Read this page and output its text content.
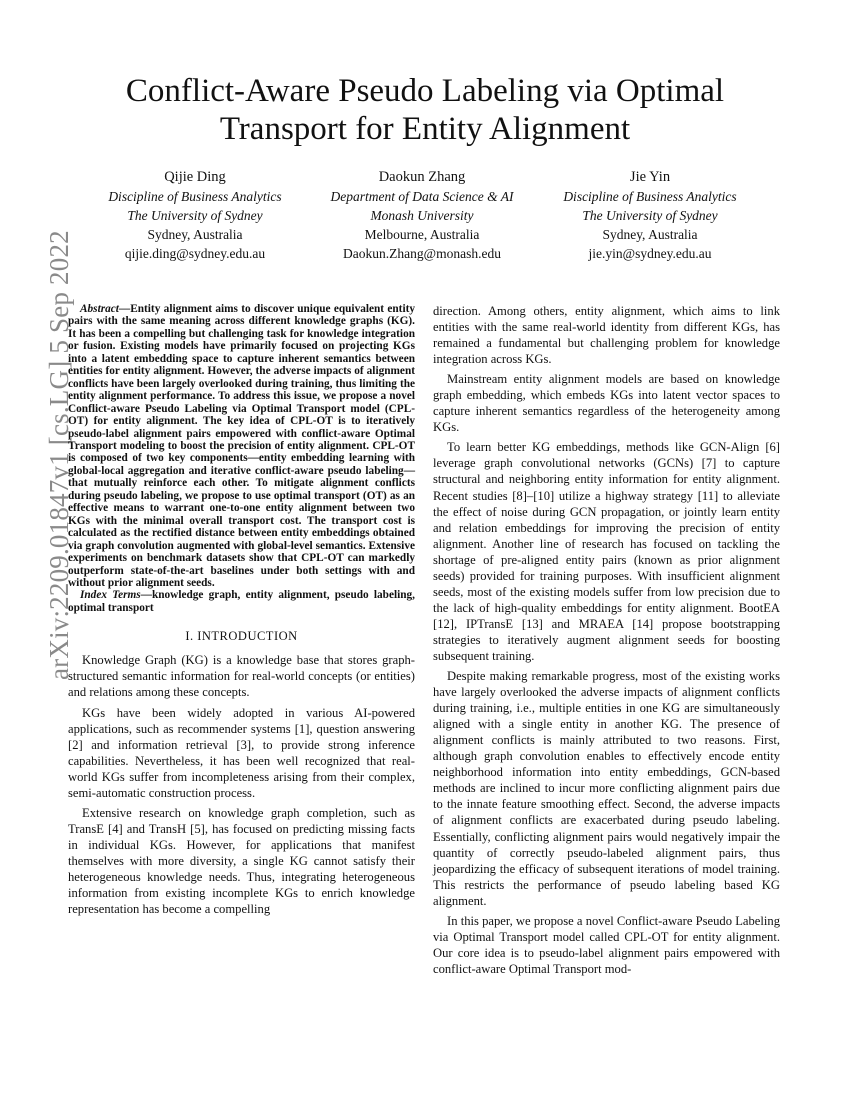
Conflict-Aware Pseudo Labeling via Optimal Transport for Entity Alignment
Qijie Ding
Discipline of Business Analytics
The University of Sydney
Sydney, Australia
qijie.ding@sydney.edu.au
Daokun Zhang
Department of Data Science & AI
Monash University
Melbourne, Australia
Daokun.Zhang@monash.edu
Jie Yin
Discipline of Business Analytics
The University of Sydney
Sydney, Australia
jie.yin@sydney.edu.au
arXiv:2209.01847v1 [cs.LG] 5 Sep 2022 Abstract—Entity alignment aims to discover unique equivalent entity pairs with the same meaning across different knowledge graphs (KG). It has been a compelling but challenging task for knowledge integration or fusion. Existing models have primarily focused on projecting KGs into a latent embedding space to capture inherent semantics between entities for entity alignment. However, the adverse impacts of alignment conflicts have been largely overlooked during training, thus limiting the entity alignment performance. To address this issue, we propose a novel Conflict-aware Pseudo Labeling via Optimal Transport model (CPL-OT) for entity alignment. The key idea of CPL-OT is to iteratively pseudo-label alignment pairs empowered with conflict-aware Optimal Transport modeling to boost the precision of entity alignment. CPL-OT is composed of two key components—entity embedding learning with global-local aggregation and iterative conflict-aware pseudo labeling—that mutually reinforce each other. To mitigate alignment conflicts during pseudo labeling, we propose to use optimal transport (OT) as an effective means to warrant one-to-one entity alignment between two KGs with the minimal overall transport cost. The transport cost is calculated as the rectified distance between entity embeddings obtained via graph convolution augmented with global-level semantics. Extensive experiments on benchmark datasets show that CPL-OT can markedly outperform state-of-the-art baselines under both settings with and without prior alignment seeds.

Index Terms—knowledge graph, entity alignment, pseudo labeling, optimal transport

I. INTRODUCTION

Knowledge Graph (KG) is a knowledge base that stores graph-structured semantic information for real-world concepts (or entities) and relations among these concepts.

KGs have been widely adopted in various AI-powered applications, such as recommender systems [1], question answering [2] and information retrieval [3], to provide strong inference capabilities. Nevertheless, it has been well recognized that real-world KGs suffer from incompleteness arising from their complex, semi-automatic construction process.

Extensive research on knowledge graph completion, such as TransE [4] and TransH [5], has focused on predicting missing facts in individual KGs. However, for applications that manifest themselves with more diversity, a single KG cannot satisfy their heterogeneous knowledge needs. Thus, integrating heterogeneous information from existing incomplete KGs to enrich knowledge representation has become a compelling

direction. Among others, entity alignment, which aims to link entities with the same real-world identity from different KGs, has remained a fundamental but challenging problem for knowledge integration across KGs.

Mainstream entity alignment models are based on knowledge graph embedding, which embeds KGs into latent vector spaces to capture inherent semantics regardless of the heterogeneity among KGs.

To learn better KG embeddings, methods like GCN-Align [6] leverage graph convolutional networks (GCNs) [7] to capture structural and neighboring entity information for entity alignment. Recent studies [8]–[10] utilize a highway strategy [11] to alleviate the effect of noise during GCN propagation, or jointly learn entity and relation embeddings for improving the precision of entity alignment. Another line of research has focused on tackling the shortage of pre-aligned entity pairs (known as prior alignment seeds) provided for training purposes. With insufficient alignment seeds, most of the existing models suffer from low precision due to the lack of high-quality embeddings for entity alignment. BootEA [12], IPTransE [13] and MRAEA [14] propose bootstrapping strategies to iteratively augment alignment seeds for boosting subsequent training.

Despite making remarkable progress, most of the existing works have largely overlooked the adverse impacts of alignment conflicts during training, i.e., multiple entities in one KG are simultaneously aligned with a single entity in another KG. The presence of alignment conflicts is mainly attributed to two reasons. First, although graph convolution enables to effectively encode entity neighborhood information into entity embeddings, GCN-based methods are inclined to incur more conflicting alignment pairs due to the innate feature smoothing effect. Second, the adverse impacts of alignment conflicts are exacerbated during pseudo labeling. Essentially, conflicting alignment pairs would negatively impair the quantity of correctly pseudo-labeled alignment pairs, thus jeopardizing the efficacy of subsequent iterations of model training. This restricts the performance of pseudo labeling based KG alignment.

In this paper, we propose a novel Conflict-aware Pseudo Labeling via Optimal Transport model called CPL-OT for entity alignment. Our core idea is to pseudo-label alignment pairs empowered with conflict-aware Optimal Transport mod-
